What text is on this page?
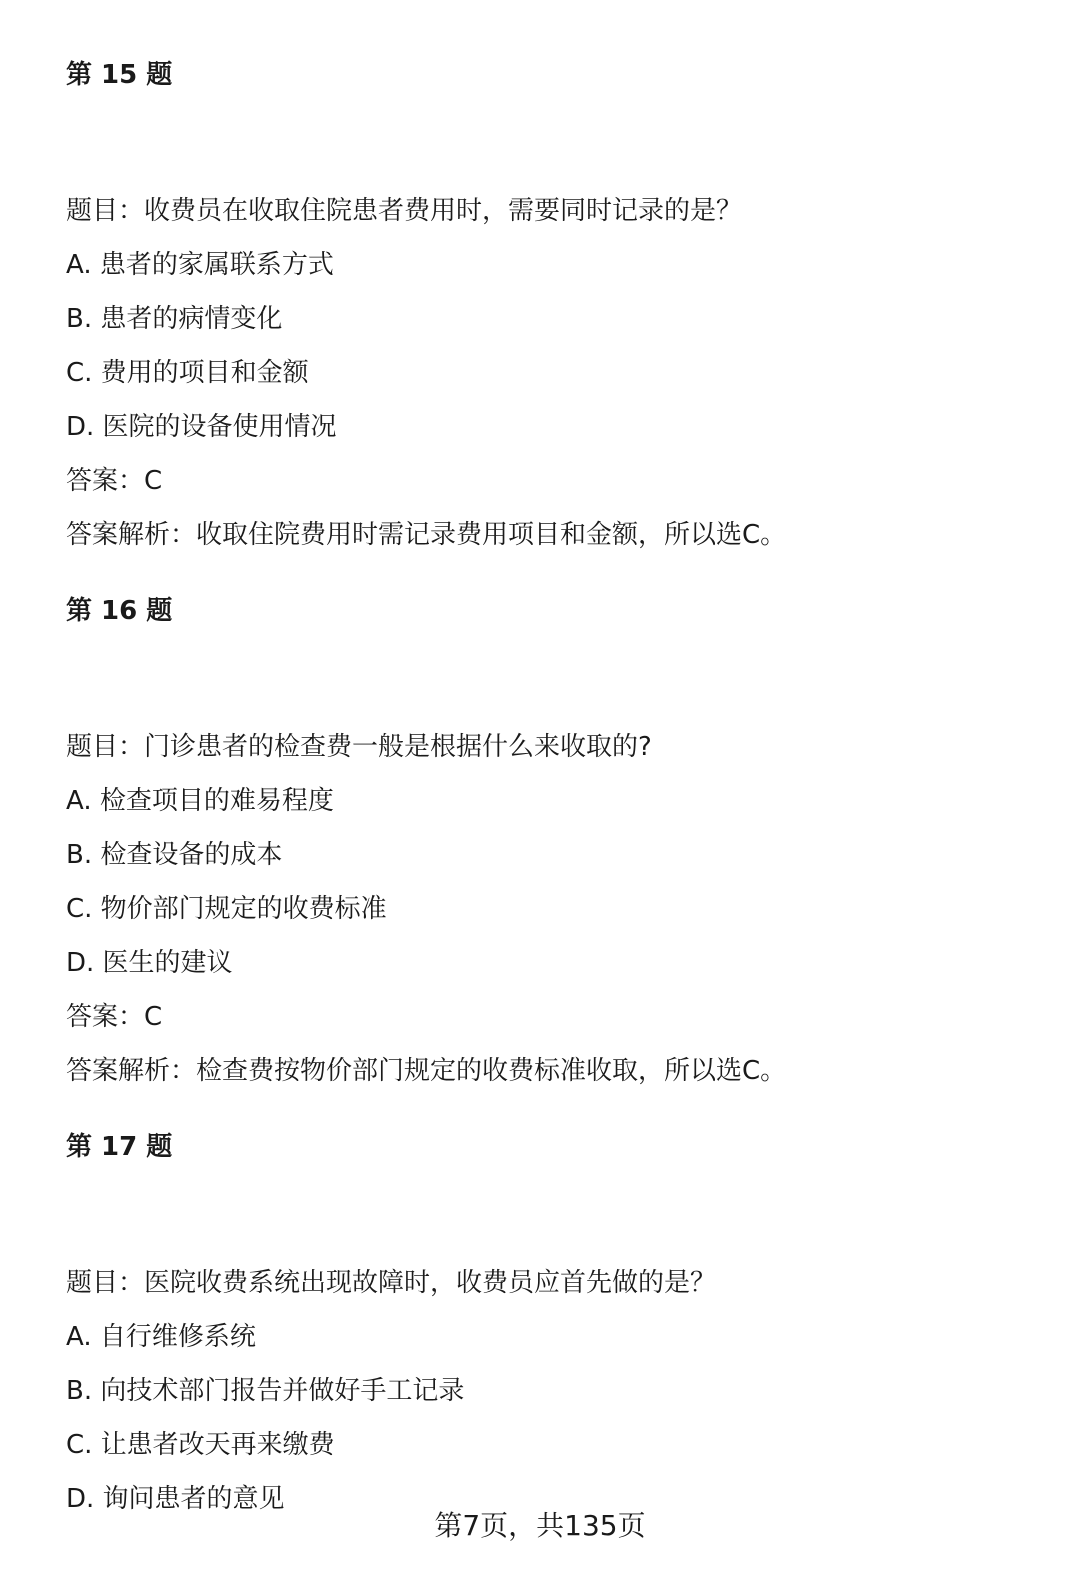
第 15 题
题目：收费员在收取住院患者费用时，需要同时记录的是？
A. 患者的家属联系方式
B. 患者的病情变化
C. 费用的项目和金额
D. 医院的设备使用情况
答案：C
答案解析：收取住院费用时需记录费用项目和金额，所以选C。
第 16 题
题目：门诊患者的检查费一般是根据什么来收取的?
A. 检查项目的难易程度
B. 检查设备的成本
C. 物价部门规定的收费标准
D. 医生的建议
答案：C
答案解析：检查费按物价部门规定的收费标准收取，所以选C。
第 17 题
题目：医院收费系统出现故障时，收费员应首先做的是？
A. 自行维修系统
B. 向技术部门报告并做好手工记录
C. 让患者改天再来缴费
D. 询问患者的意见
第7页，共135页
